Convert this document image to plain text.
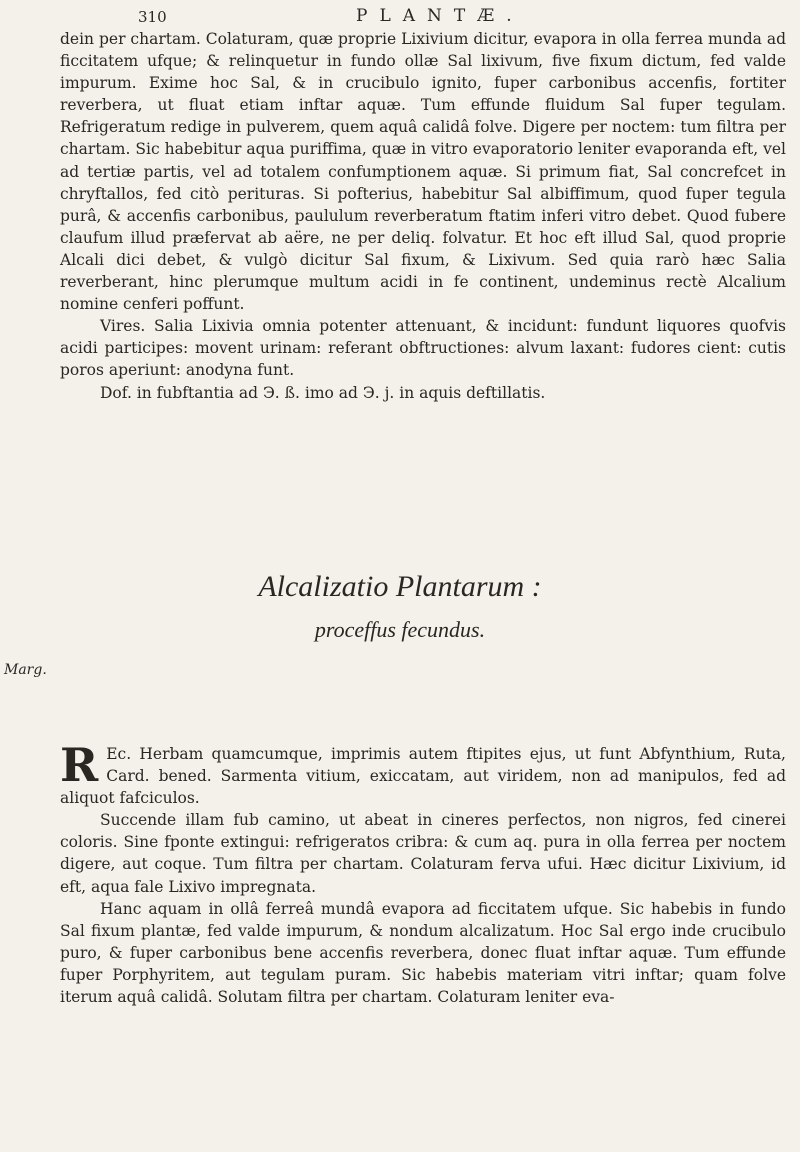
310	PLANTÆ.

dein per chartam. Colaturam, quæ proprie Lixivium dicitur, evapora in olla ferrea munda ad ficcitatem ufque; & relinquetur in fundo ollæ Sal lixivum, five fixum dictum, fed valde impurum. Exime hoc Sal, & in crucibulo ignito, fuper carbonibus accenfis, fortiter reverbera, ut fluat etiam inftar aquæ. Tum effunde fluidum Sal fuper tegulam. Refrigeratum redige in pulverem, quem aquâ calidâ folve. Digere per noctem: tum filtra per chartam. Sic habebitur aqua puriffima, quæ in vitro evaporatorio leniter evaporanda eft, vel ad tertiæ partis, vel ad totalem confumptionem aquæ. Si primum fiat, Sal concrefcet in chryftallos, fed citò perituras. Si pofterius, habebitur Sal albiffimum, quod fuper tegula purâ, & accenfis carbonibus, paululum reverberatum ftatim inferi vitro debet. Quod fubere claufum illud præfervat ab aëre, ne per deliq. folvatur. Et hoc eft illud Sal, quod proprie Alcali dici debet, & vulgò dicitur Sal fixum, & Lixivum. Sed quia rarò hæc Salia reverberant, hinc plerumque multum acidi in fe continent, undeminus rectè Alcalium nomine cenferi poffunt.

Vires. Salia Lixivia omnia potenter attenuant, & incidunt: fundunt liquores quofvis acidi participes: movent urinam: referant obftructiones: alvum laxant: fudores cient: cutis poros aperiunt: anodyna funt.

Dof. in fubftantia ad Э. ß. imo ad Э. j. in aquis deftillatis.

Alcalizatio Plantarum :
proceffus fecundus.
Marg.

R Ec. Herbam quamcumque, imprimis autem ftipites ejus, ut funt Abfynthium, Ruta, Card. bened. Sarmenta vitium, exiccatam, aut viridem, non ad manipulos, fed ad aliquot fafciculos.

Succende illam fub camino, ut abeat in cineres perfectos, non nigros, fed cinerei coloris. Sine fponte extingui: refrigeratos cribra: & cum aq. pura in olla ferrea per noctem digere, aut coque. Tum filtra per chartam. Colaturam ferva ufui. Hæc dicitur Lixivium, id eft, aqua fale Lixivo impregnata.

Hanc aquam in ollâ ferreâ mundâ evapora ad ficcitatem ufque. Sic habebis in fundo Sal fixum plantæ, fed valde impurum, & nondum alcalizatum. Hoc Sal ergo inde crucibulo puro, & fuper carbonibus bene accenfis reverbera, donec fluat inftar aquæ. Tum effunde fuper Porphyritem, aut tegulam puram. Sic habebis materiam vitri inftar; quam folve iterum aquâ calidâ. Solutam filtra per chartam. Colaturam leniter eva-
